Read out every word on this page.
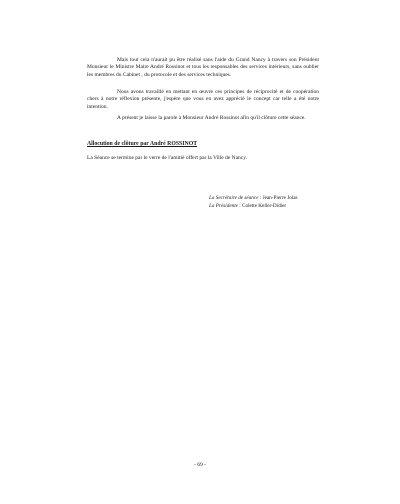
Mais tout cela n'aurait pu être réalisé sans l'aide du Grand Nancy à travers son Président Monsieur le Ministre Maire André Rossinot et tous les responsables des services intérieurs, sans oublier les membres du Cabinet , du protocole et des services techniques.

Nous avons travaillé en mettant en œuvre ces principes de réciprocité et de coopération chers à notre réflexion présente, j'espère que vous en avez apprécié le concept car telle a été notre intention.

A présent je laisse la parole à Monsieur André Rossinot afin qu'il clôture cette séance.

Allocution de clôture par André ROSSINOT

La Séance se termine par le verre de l'amitié offert par la Ville de Nancy.

La Secrétaire de séance : Jean-Pierre Jolas
La Présidente : Colette Keller-Didier
- 69 -
